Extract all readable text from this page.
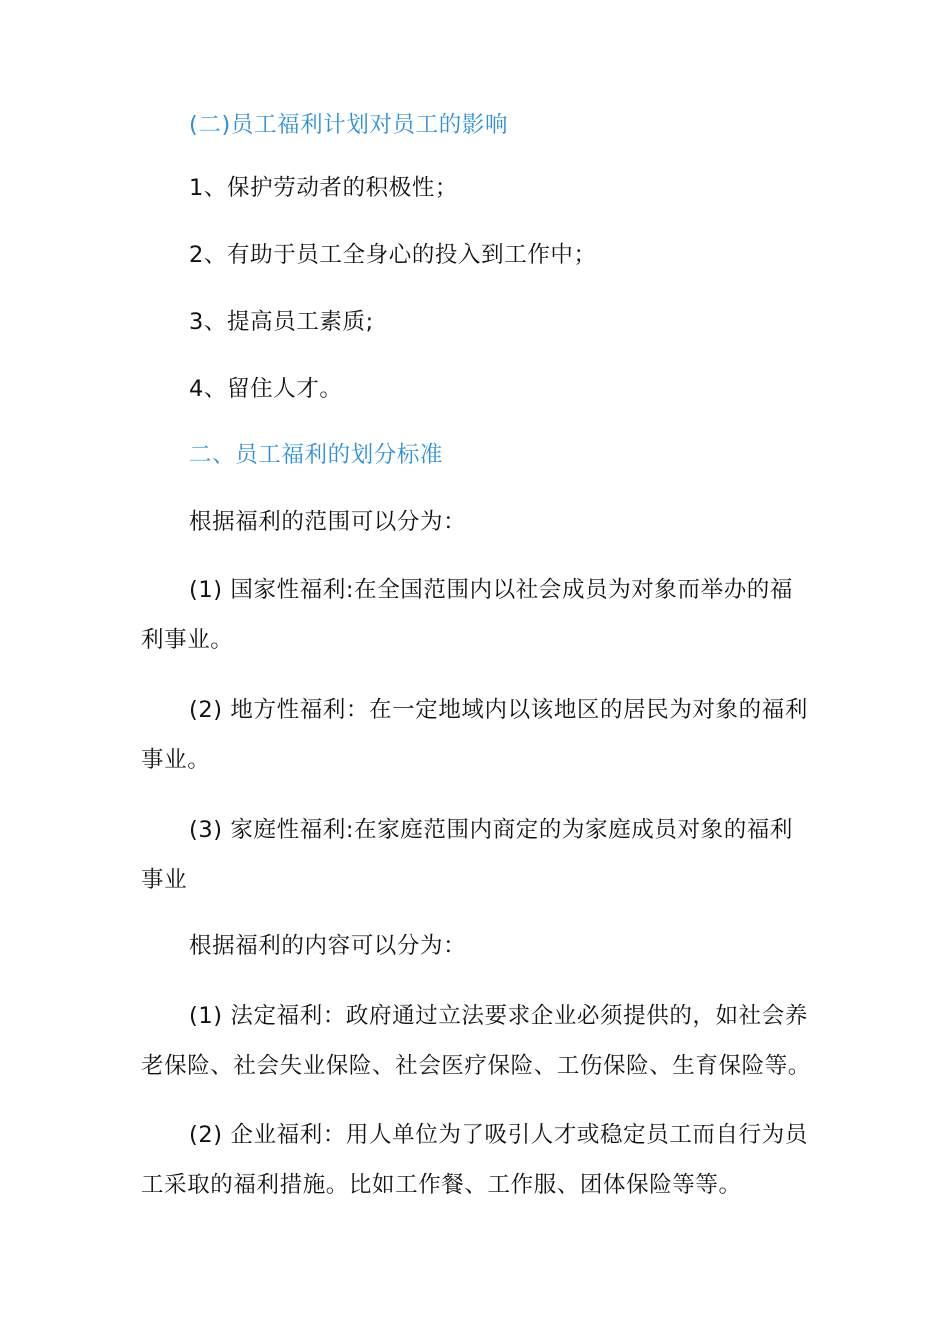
(二)员工福利计划对员工的影响

1、保护劳动者的积极性；

2、有助于员工全身心的投入到工作中；

3、提高员工素质;

4、留住人才。

二、员工福利的划分标准

根据福利的范围可以分为：

(1) 国家性福利:在全国范围内以社会成员为对象而举办的福利事业。

(2) 地方性福利：在一定地域内以该地区的居民为对象的福利事业。

(3) 家庭性福利:在家庭范围内商定的为家庭成员对象的福利事业

根据福利的内容可以分为：

(1) 法定福利：政府通过立法要求企业必须提供的，如社会养老保险、社会失业保险、社会医疗保险、工伤保险、生育保险等。

(2) 企业福利：用人单位为了吸引人才或稳定员工而自行为员工采取的福利措施。比如工作餐、工作服、团体保险等等。
